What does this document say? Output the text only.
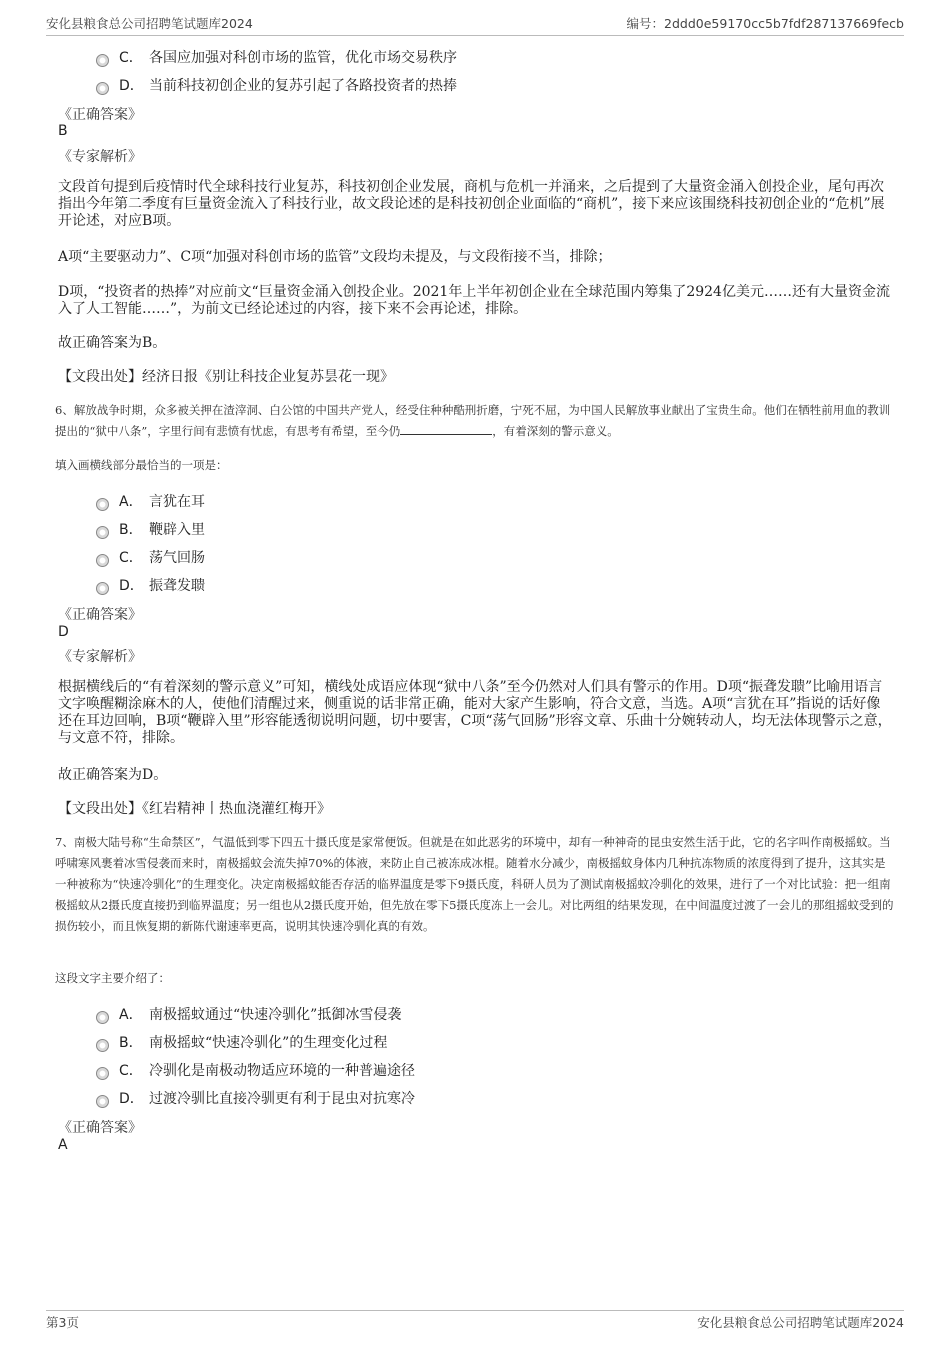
安化县粮食总公司招聘笔试题库2024	编号：2ddd0e59170cc5b7fdf287137669fecb
C． 各国应加强对科创市场的监管，优化市场交易秩序
D． 当前科技初创企业的复苏引起了各路投资者的热捧
《正确答案》
B
《专家解析》
文段首句提到后疫情时代全球科技行业复苏，科技初创企业发展，商机与危机一并涌来，之后提到了大量资金涌入创投企业，尾句再次指出今年第二季度有巨量资金流入了科技行业，故文段论述的是科技初创企业面临的“商机”，接下来应该围绕科技初创企业的“危机”展开论述，对应B项。
A项“主要驱动力”、C项“加强对科创市场的监管”文段均未提及，与文段衔接不当，排除；
D项，“投资者的热捧”对应前文“巨量资金涌入创投企业。2021年上半年初创企业在全球范围内筹集了2924亿美元……还有大量资金流入了人工智能……”，为前文已经论述过的内容，接下来不会再论述，排除。
故正确答案为B。
【文段出处】经济日报《别让科技企业复苏昙花一现》
6、解放战争时期，众多被关押在渣滓洞、白公馆的中国共产党人，经受住种种酷刑折磨，宁死不屈，为中国人民解放事业献出了宝贵生命。他们在牺牲前用血的教训提出的“狱中八条”，字里行间有悲愤有忧虑，有思考有希望，至今仍	，有着深刻的警示意义。
填入画横线部分最恰当的一项是：
A． 言犹在耳
B． 鞭辟入里
C． 荡气回肠
D． 振聋发聩
《正确答案》
D
《专家解析》
根据横线后的“有着深刻的警示意义”可知，横线处成语应体现“狱中八条”至今仍然对人们具有警示的作用。D项“振聋发聩”比喻用语言文字唤醒糊涂麻木的人，使他们清醒过来，侧重说的话非常正确，能对大家产生影响，符合文意，当选。A项“言犹在耳”指说的话好像还在耳边回响，B项“鞭辟入里”形容能透彻说明问题，切中要害，C项“荡气回肠”形容文章、乐曲十分婉转动人，均无法体现警示之意，与文意不符，排除。
故正确答案为D。
【文段出处】《红岩精神丨热血浇灌红梅开》
7、南极大陆号称“生命禁区”，气温低到零下四五十摄氏度是家常便饭。但就是在如此恶劣的环境中，却有一种神奇的昆虫安然生活于此，它的名字叫作南极摇蚊。当呼啸寒风裹着冰雪侵袭而来时，南极摇蚊会流失掉70%的体液，来防止自己被冻成冰棍。随着水分减少，南极摇蚊身体内几种抗冻物质的浓度得到了提升，这其实是一种被称为“快速冷驯化”的生理变化。决定南极摇蚊能否存活的临界温度是零下9摄氏度，科研人员为了测试南极摇蚊冷驯化的效果，进行了一个对比试验：把一组南极摇蚊从2摄氏度直接扔到临界温度；另一组也从2摄氏度开始，但先放在零下5摄氏度冻上一会儿。对比两组的结果发现，在中间温度过渡了一会儿的那组摇蚊受到的损伤较小，而且恢复期的新陈代谢速率更高，说明其快速冷驯化真的有效。
这段文字主要介绍了：
A． 南极摇蚊通过“快速冷驯化”抵御冰雪侵袭
B． 南极摇蚊“快速冷驯化”的生理变化过程
C． 冷驯化是南极动物适应环境的一种普遍途径
D． 过渡冷驯比直接冷驯更有利于昆虫对抗寒冷
《正确答案》
A
第3页	安化县粮食总公司招聘笔试题库2024
